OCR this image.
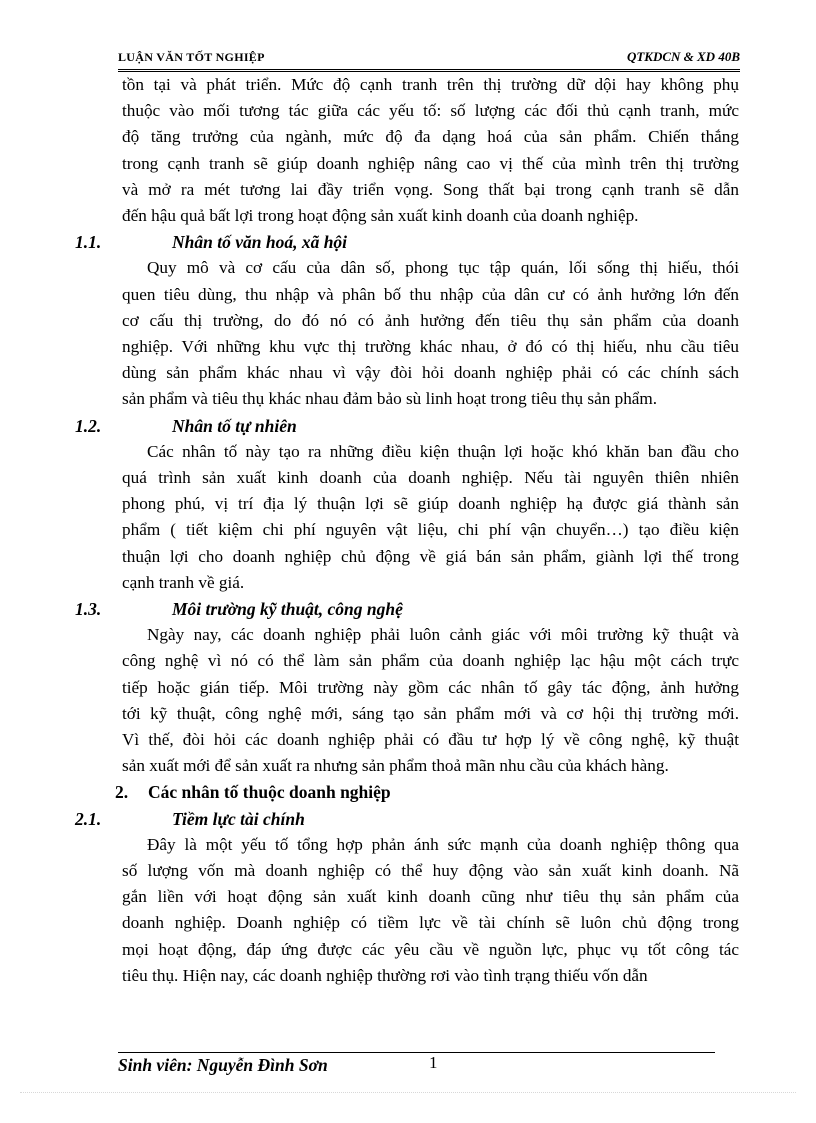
LUẬN VĂN TỐT NGHIỆP	QTKDCN & XD 40B
tồn tại và phát triển. Mức độ cạnh tranh trên thị trường dữ dội hay không phụ
thuộc vào mối tương tác giữa các yếu tố: số lượng các đối thủ cạnh tranh, mức
độ tăng trưởng của ngành, mức độ đa dạng hoá của sản phẩm. Chiến thắng
trong cạnh tranh sẽ giúp doanh nghiệp nâng cao vị thế của mình trên thị trường
và mở ra mét tương lai đầy triển vọng. Song thất bại trong cạnh tranh sẽ dẫn
đến hậu quả bất lợi trong hoạt động sản xuất kinh doanh của doanh nghiệp.
1.1.	Nhân tố văn hoá, xã hội
Quy mô và cơ cấu của dân số, phong tục tập quán, lối sống thị hiếu, thói
quen tiêu dùng, thu nhập và phân bố thu nhập của dân cư có ảnh hưởng lớn đến
cơ cấu thị trường, do đó nó có ảnh hưởng đến tiêu thụ sản phẩm của doanh
nghiệp. Với những khu vực thị trường khác nhau, ở đó có thị hiếu, nhu cầu tiêu
dùng sản phẩm khác nhau vì vậy đòi hỏi doanh nghiệp phải có các chính sách
sản phẩm và tiêu thụ khác nhau đảm bảo sù linh hoạt trong tiêu thụ sản phẩm.
1.2.	Nhân tố tự nhiên
Các nhân tố này tạo ra những điều kiện thuận lợi hoặc khó khăn ban đầu cho
quá trình sản xuất kinh doanh của doanh nghiệp. Nếu tài nguyên thiên nhiên
phong phú, vị trí địa lý thuận lợi sẽ giúp doanh nghiệp hạ được giá thành sản
phẩm ( tiết kiệm chi phí nguyên vật liệu, chi phí vận chuyển…) tạo điều kiện
thuận lợi cho doanh nghiệp chủ động về giá bán sản phẩm, giành lợi thế trong
cạnh tranh về giá.
1.3.	Môi trường kỹ thuật, công nghệ
Ngày nay, các doanh nghiệp phải luôn cảnh giác với môi trường kỹ thuật và
công nghệ vì nó có thể làm sản phẩm của doanh nghiệp lạc hậu một cách trực
tiếp hoặc gián tiếp. Môi trường này gồm các nhân tố gây tác động, ảnh hưởng
tới kỹ thuật, công nghệ mới, sáng tạo sản phẩm mới và cơ hội thị trường mới.
Vì thế, đòi hỏi các doanh nghiệp phải có đầu tư hợp lý về công nghệ, kỹ thuật
sản xuất mới để sản xuất ra nhưng sản phẩm thoả mãn nhu cầu của khách hàng.
2. Các nhân tố thuộc doanh nghiệp
2.1.	Tiềm lực tài chính
Đây là một yếu tố tổng hợp phản ánh sức mạnh của doanh nghiệp thông qua
số lượng vốn mà doanh nghiệp có thể huy động vào sản xuất kinh doanh. Nã
gắn liền với hoạt động sản xuất kinh doanh cũng như tiêu thụ sản phẩm của
doanh nghiệp. Doanh nghiệp có tiềm lực về tài chính sẽ luôn chủ động trong
mọi hoạt động, đáp ứng được các yêu cầu về nguồn lực, phục vụ tốt công tác
tiêu thụ. Hiện nay, các doanh nghiệp thường rơi vào tình trạng thiếu vốn dẫn
Sinh viên: Nguyễn Đình Sơn	1
